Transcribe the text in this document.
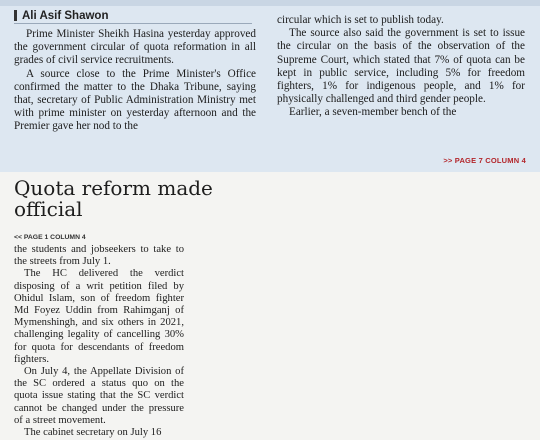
Ali Asif Shawon

Prime Minister Sheikh Hasina yesterday approved the government circular of quota reformation in all grades of civil service recruitments.

A source close to the Prime Minister's Office confirmed the matter to the Dhaka Tribune, saying that, secretary of Public Administration Ministry met with prime minister on yesterday afternoon and the Premier gave her nod to the

circular which is set to publish today.

The source also said the government is set to issue the circular on the basis of the observation of the Supreme Court, which stated that 7% of quota can be kept in public service, including 5% for freedom fighters, 1% for indigenous people, and 1% for physically challenged and third gender people.

Earlier, a seven-member bench of the

>> PAGE 7 COLUMN 4
Quota reform made official
<< PAGE 1 COLUMN 4

the students and jobseekers to take to the streets from July 1.

The HC delivered the verdict disposing of a writ petition filed by Ohidul Islam, son of freedom fighter Md Foyez Uddin from Rahimganj of Mymenshingh, and six others in 2021, challenging legality of cancelling 30% for quota for descendants of freedom fighters.

On July 4, the Appellate Division of the SC ordered a status quo on the quota issue stating that the SC verdict cannot be changed under the pressure of a street movement.

The cabinet secretary on July 16
